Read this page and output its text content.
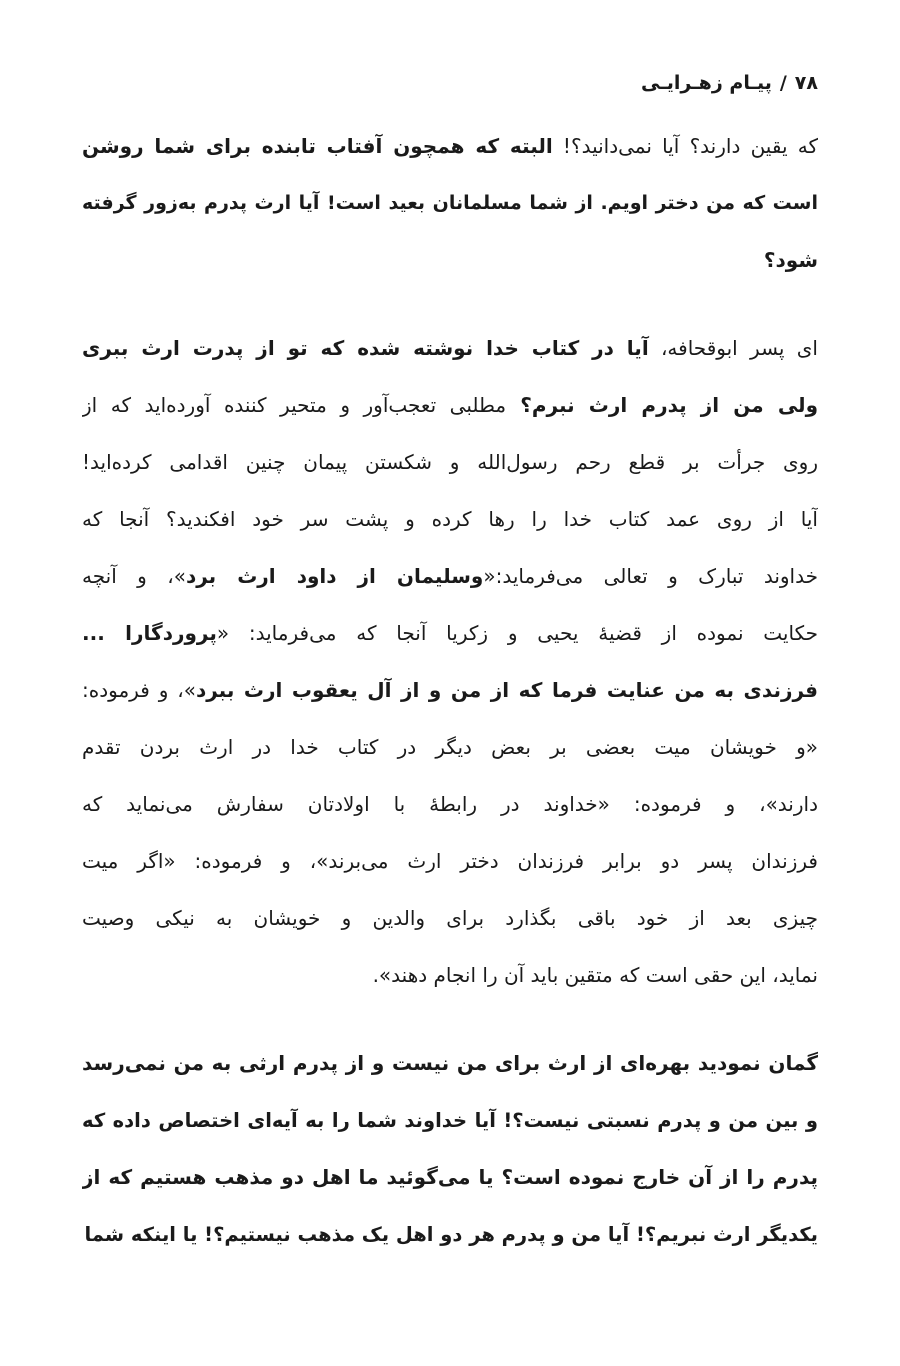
۷۸/پیـام زهـرایـی
که یقین دارند؟ آیا نمی‌دانید؟! البته که همچون آفتاب تابنده برای شما روشن
است که من دختر اویم. از شما مسلمانان بعید است! آیا ارث پدرم به‌زور گرفته
شود؟
ای پسر ابوقحافه، آیا در کتاب خدا نوشته شده که تو از پدرت ارث ببری
ولی من از پدرم ارث نبرم؟ مطلبی تعجب‌آور و متحیر کننده آورده‌اید که از
روی جرأت بر قطع رحم رسول‌الله و شکستن پیمان چنین اقدامی کرده‌اید!
آیا از روی عمد کتاب خدا را رها کرده و پشت سر خود افکندید؟ آنجا که
خداوند تبارک و تعالی می‌فرماید:«وسلیمان از داود ارث برد»، و آنچه
حکایت نموده از قضیهٔ یحیی و زکریا آنجا که می‌فرماید: «پروردگارا ...
فرزندی به من عنایت فرما که از من و از آل یعقوب ارث ببرد»، و فرموده:
«و خویشان میت بعضی بر بعض دیگر در کتاب خدا در ارث بردن تقدم
دارند»، و فرموده: «خداوند در رابطهٔ با اولادتان سفارش می‌نماید که
فرزندان پسر دو برابر فرزندان دختر ارث می‌برند»، و فرموده: «اگر میت
چیزی بعد از خود باقی بگذارد برای والدین و خویشان به نیکی وصیت
نماید، این حقی است که متقین باید آن را انجام دهند».
گمان نمودید بهره‌ای از ارث برای من نیست و از پدرم ارثی به من نمی‌رسد
و بین من و پدرم نسبتی نیست؟! آیا خداوند شما را به آیه‌ای اختصاص داده که
پدرم را از آن خارج نموده است؟ یا می‌گوئید ما اهل دو مذهب هستیم که از
یکدیگر ارث نبریم؟! آیا من و پدرم هر دو اهل یک مذهب نیستیم؟! یا اینکه شما
